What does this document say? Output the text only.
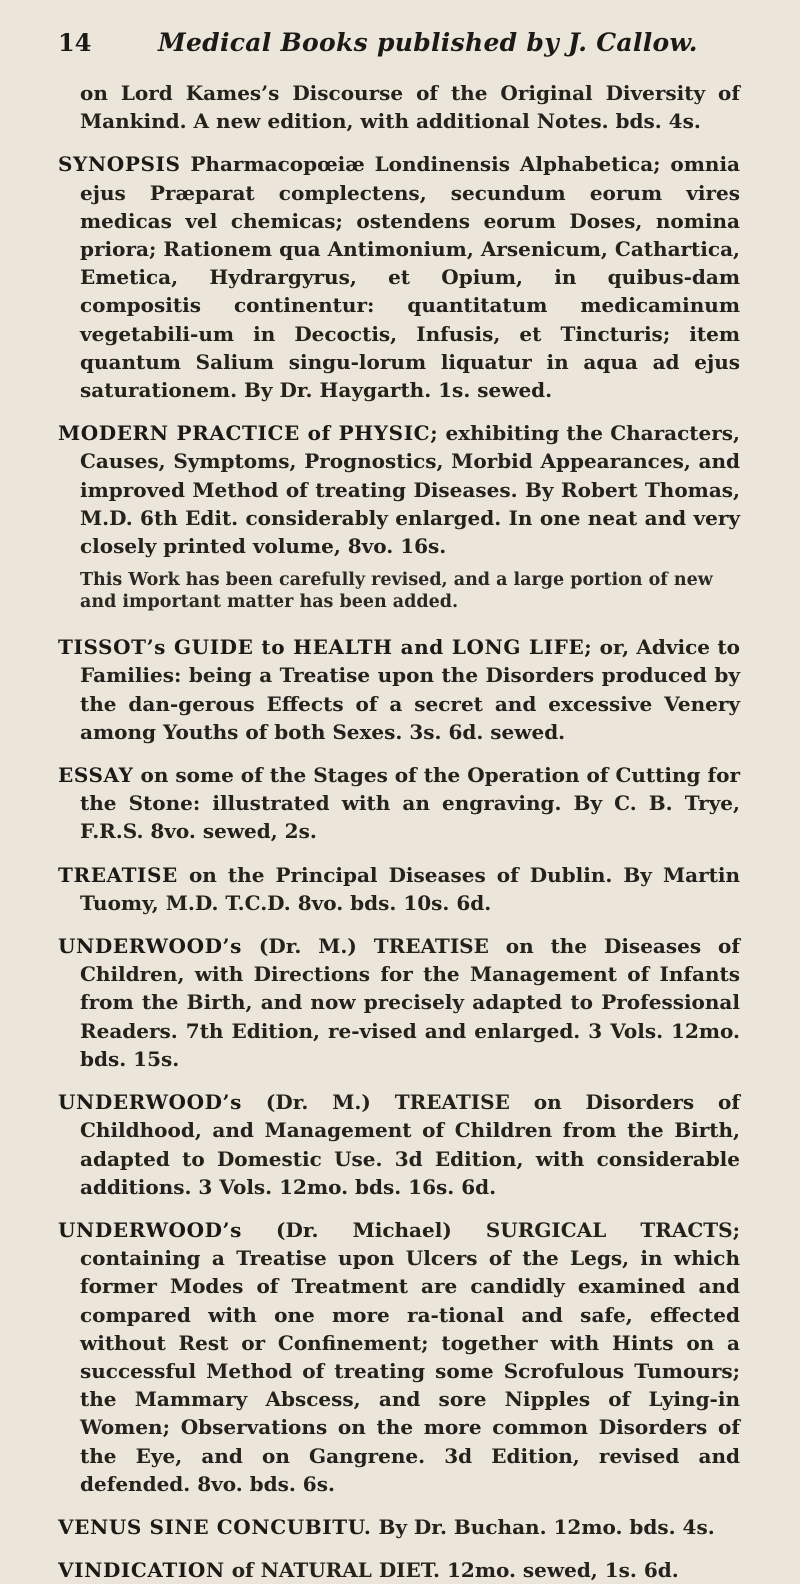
14	Medical Books published by J. Callow.

on Lord Kames’s Discourse of the Original Diversity of Mankind. A new edition, with additional Notes. bds. 4s.

SYNOPSIS Pharmacopœiæ Londinensis Alphabetica; omnia ejus Præparat complectens, secundum eorum vires medicas vel chemicas; ostendens eorum Doses, nomina priora; Rationem qua Antimonium, Arsenicum, Cathartica, Emetica, Hydrargyrus, et Opium, in quibus-dam compositis continentur: quantitatum medicaminum vegetabili-um in Decoctis, Infusis, et Tincturis; item quantum Salium singu-lorum liquatur in aqua ad ejus saturationem. By Dr. Haygarth. 1s. sewed.

MODERN PRACTICE of PHYSIC; exhibiting the Characters, Causes, Symptoms, Prognostics, Morbid Appearances, and improved Method of treating Diseases. By Robert Thomas, M.D. 6th Edit. considerably enlarged. In one neat and very closely printed volume, 8vo. 16s.

This Work has been carefully revised, and a large portion of new and important matter has been added.

TISSOT’s GUIDE to HEALTH and LONG LIFE; or, Advice to Families: being a Treatise upon the Disorders produced by the dan-gerous Effects of a secret and excessive Venery among Youths of both Sexes. 3s. 6d. sewed.

ESSAY on some of the Stages of the Operation of Cutting for the Stone: illustrated with an engraving. By C. B. Trye, F.R.S. 8vo. sewed, 2s.

TREATISE on the Principal Diseases of Dublin. By Martin Tuomy, M.D. T.C.D. 8vo. bds. 10s. 6d.

UNDERWOOD’s (Dr. M.) TREATISE on the Diseases of Children, with Directions for the Management of Infants from the Birth, and now precisely adapted to Professional Readers. 7th Edition, re-vised and enlarged. 3 Vols. 12mo. bds. 15s.

UNDERWOOD’s (Dr. M.) TREATISE on Disorders of Childhood, and Management of Children from the Birth, adapted to Domestic Use. 3d Edition, with considerable additions. 3 Vols. 12mo. bds. 16s. 6d.

UNDERWOOD’s (Dr. Michael) SURGICAL TRACTS; containing a Treatise upon Ulcers of the Legs, in which former Modes of Treatment are candidly examined and compared with one more ra-tional and safe, effected without Rest or Confinement; together with Hints on a successful Method of treating some Scrofulous Tumours; the Mammary Abscess, and sore Nipples of Lying-in Women; Observations on the more common Disorders of the Eye, and on Gangrene. 3d Edition, revised and defended. 8vo. bds. 6s.

VENUS SINE CONCUBITU. By Dr. Buchan. 12mo. bds. 4s.

VINDICATION of NATURAL DIET. 12mo. sewed, 1s. 6d.
